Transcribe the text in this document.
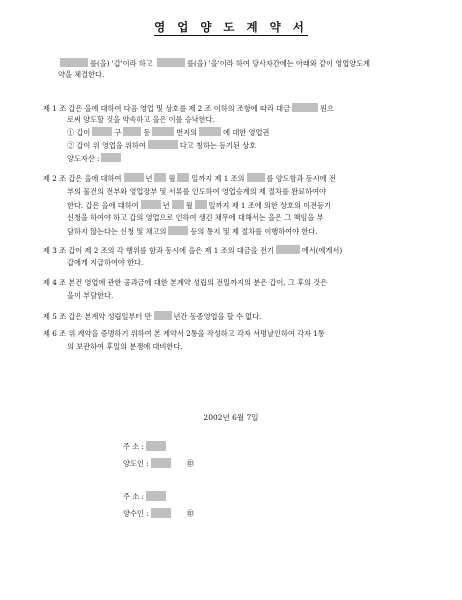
영 업 양 도 계 약 서
를(을) '갑'이라 하고	를(을) '을'이라 하여 당사자간에는 아래와 같이 영업양도계
약을 체결한다.
제 1 조 갑은 을에 대하여 다음 영업 및 상호를 제 2 조 이하의 조항에 따라 대금	원으
로써 양도할 것을 약속하고 을은 이를 승낙한다.
① 갑이	구	동	번지의	에 대한 영업권
② 갑이 위 영업을 위하여	다고 칭하는 등기된 상호
양도자산 :
제 2 조 갑은 을에 대하여	년 월 일까지 제 1 조의	를 양도함과 동시에 전
부의 물건의 전부와 영업장부 및 서류를 인도하여 영업승계의 제 절차를 완료하여야
한다. 갑은 을에 대하여	년 월 일까지 제 1 조에 의한 상호의 이전등기
신청을 하여야 하고 갑의 영업으로 인하여 생긴 채무에 대해서는 을은 그 책임을 부
담하지 않는다는 신청 및 채고의	등의 통지 및 제 절차를 이행하여야 한다.
제 3 조 갑이 제 2 조의 각 행위를 함과 동시에 을은 제 1 조의 대금을 전기	에서(에게서)
갑에게 지급하여야 한다.
제 4 조 본건 영업에 관한 공과금에 대한 본계약 성립의 전일까지의 분은 갑이, 그 후의 것은
을이 부담한다.
제 5 조 갑은 본계약 성립일부터 만	년간 동종영업을 할 수 없다.
제 6 조 위 계약을 증명하기 위하여 본 계약서 2통을 작성하고 각자 서명날인하여 각자 1통
의 보관하여 후일의 분쟁에 대비한다.
2002년 6월 7일
주 소 :
양도인 :	㊞
주 소 :
양수인 :	㊞
